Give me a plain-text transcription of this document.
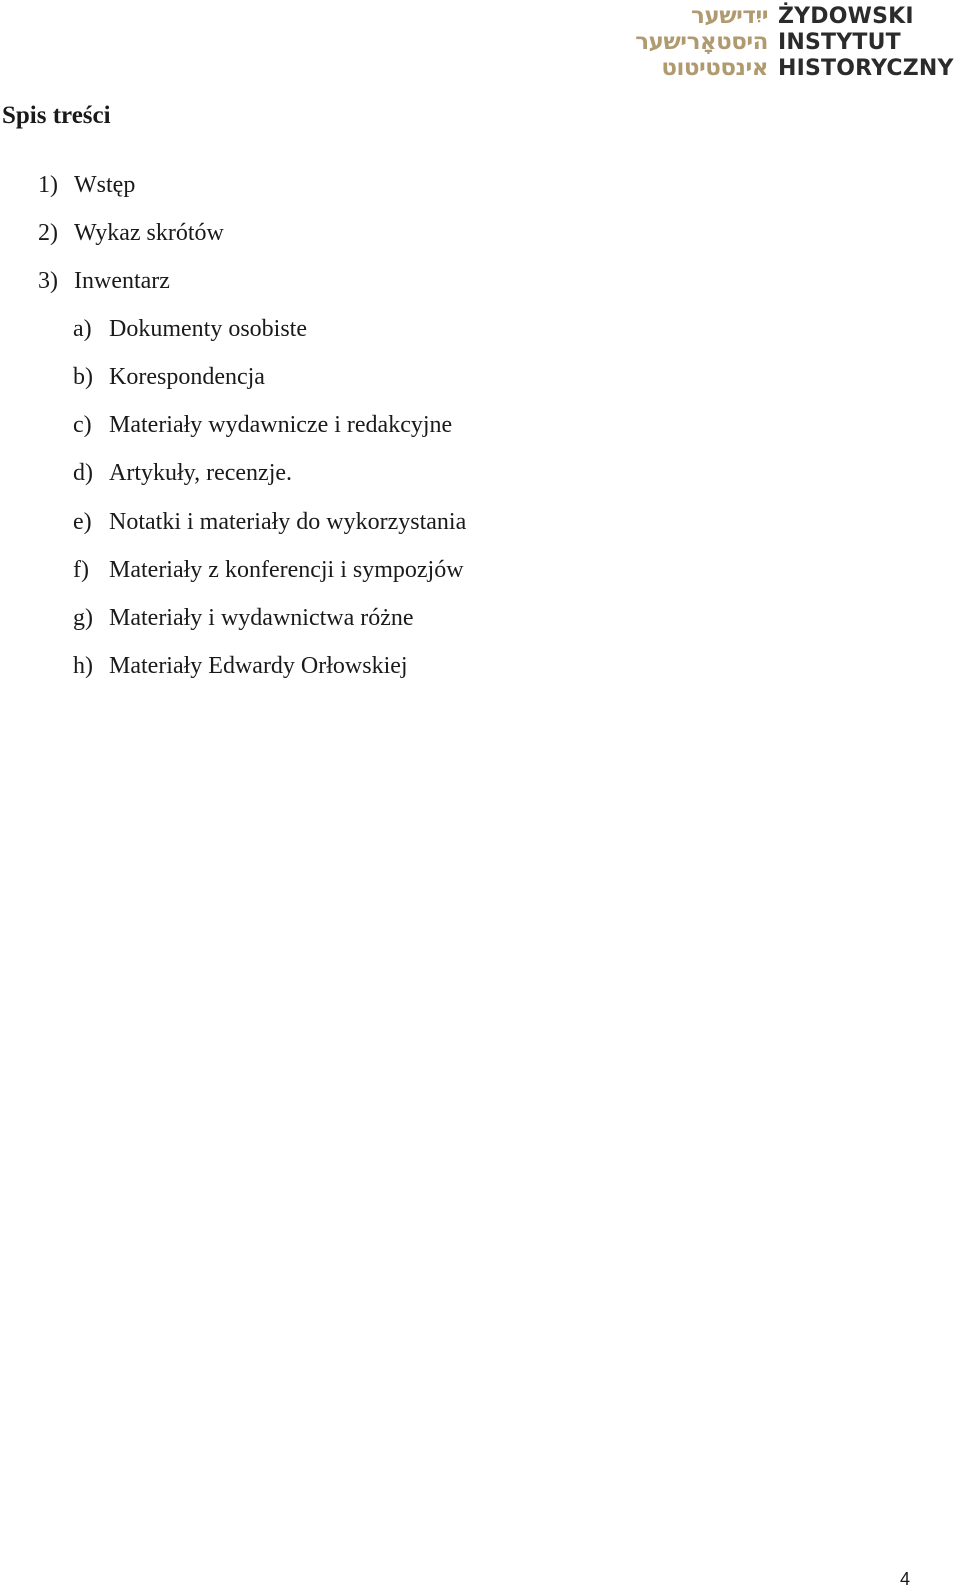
ייִדישער
היסטאָרישער
אינסטיטוט
ŻYDOWSKI
INSTYTUT
HISTORYCZNY
Spis treści
1) Wstęp
2) Wykaz skrótów
3) Inwentarz
a) Dokumenty osobiste
b) Korespondencja
c) Materiały wydawnicze i redakcyjne
d) Artykuły, recenzje.
e) Notatki i materiały do wykorzystania
f) Materiały z konferencji i sympozjów
g) Materiały i wydawnictwa różne
h) Materiały Edwardy Orłowskiej
4
